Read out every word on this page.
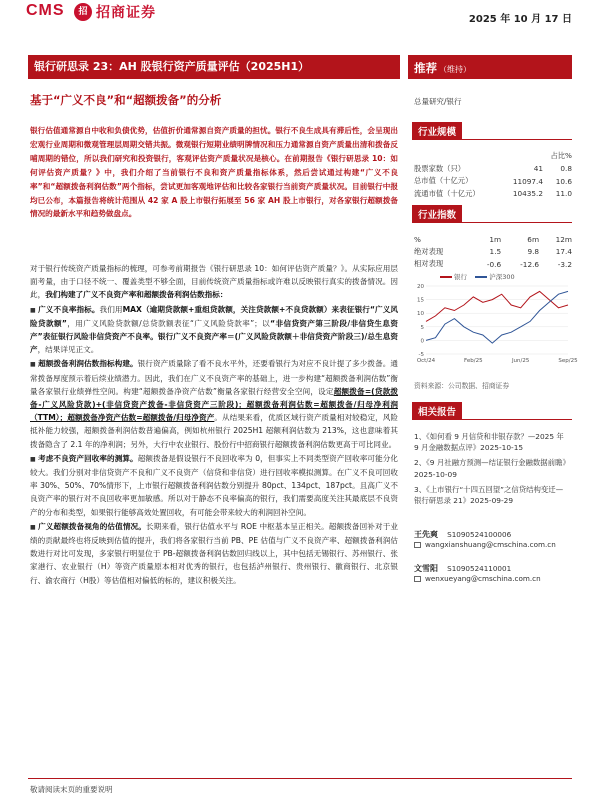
CMS	招 招商证券	2025 年 10 月 17 日
银行研思录 23：AH 股银行资产质量评估（2025H1）	推荐 （维持）
基于“广义不良”和“超额拨备”的分析	总量研究/银行
银行估值通常源自中收和负债优势，估值折价通常源自资产质量的担忧。银行不良生成具有滞后性，会呈现出宏观行业周期和微观管理层周期交错共振。微观银行短期业绩明牌情况和压力通常源自资产质量出清和拨备反哺周期的错位，所以我们研究和投资银行，客观评估资产质量状况是核心。在前期报告《银行研思录 10：如何评估资产质量？》中，我们介绍了当前银行不良和资产质量指标体系，然后尝试通过构建“广义不良率”和“超额拨备利润估数”两个指标，尝试更加客观地评估和比较各家银行当前资产质量状况。目前银行中报均已公布，本篇报告将统计范围从 42 家 A 股上市银行拓展至 56 家 AH 股上市银行，对各家银行超额拨备情况的最新水平和趋势做盘点。

对于银行传统资产质量指标的梳理，可参考前期报告《银行研思录 10：如何评估资产质量？》。从实际应用层面考量，由于口径不统一、覆盖类型不够全面，目前传统资产质量指标或许难以反映银行真实的拨备情况。因此，我们构建了广义不良资产率和超额拨备利润估数指标：

■ 广义不良率指标。我们用MAX（逾期贷款额+重组贷款额，关注贷款额+不良贷款额）来表征银行“广义风险贷款额”，用广义风险贷款额/总贷款额表征“广义风险贷款率”；以“非信贷资产第三阶段/非信贷生息资产”表征银行风险非信贷资产不良率。银行广义不良资产率＝(广义风险贷款额＋非信贷资产阶段三)/总生息资产，结果详见正文。

■ 超额拨备利润估数指标构建。银行资产质量除了看不良水平外，还要看银行为对应不良计提了多少拨备。通常拨备厚度预示着后续业绩潜力。因此，我们在广义不良资产率的基础上，进一步构建“超额拨备利润估数”衡量各家银行业绩弹性空间。构建“超额拨备净资产估数”衡量各家银行经营安全空间，设定超额拨备=(贷款拨备-广义风险贷款)+(非信贷资产拨备-非信贷资产三阶段)；超额拨备利润估数=超额拨备/归母净利润（TTM）；超额拨备净资产估数=超额拨备/归母净资产。从结果来看，优质区域行资产质量相对较稳定，风险抵补能力较强，超额拨备利润估数普遍偏高，例如杭州银行 2025H1 超额利润估数为 213%，这也意味着其拨备隐含了 2.1 年的净利润；另外，大行中农业银行、股份行中招商银行超额拨备利润估数更高于可比同业。

■ 考虑不良资产回收率的测算。超额拨备是假设银行不良回收率为 0，但事实上不同类型资产回收率可能分化较大。我们分别对非信贷资产不良和广义不良资产（信贷和非信贷）进行回收率模拟测算。在广义不良可回收率 30%、50%、70%情形下，上市银行超额拨备利润估数分别提升 80pct、134pct、187pct。且高广义不良资产率的银行对不良回收率更加敏感。所以对于静态不良率偏高的银行，我们需要高度关注其最底层不良资产的分布和类型，如果银行能够高效处置回收，有可能会带来较大的利润回补空间。

■ 广义超额拨备视角的估值情况。长期来看，银行估值水平与 ROE 中枢基本呈正相关。超额拨备回补对于业绩的贡献最终也将反映到估值的提升，我们将各家银行当前 PB、PE 估值与广义不良资产率、超额拨备利润估数进行对比可发现，多家银行明显位于 PB-超额拨备利润估数回归线以上，其中包括无锡银行、苏州银行、张家港行、农业银行（H）等资产质量原本相对优秀的银行，也包括泸州银行、贵州银行、徽商银行、北京银行、渝农商行（H股）等估值相对偏低的标的，建议积极关注。

行业规模
		占比%
股票家数（只）	41	0.8
总市值（十亿元）	11097.4	10.6
流通市值（十亿元）	10435.2	11.0
行业指数
%	1m	6m	12m
绝对表现	1.5	9.8	17.4
相对表现	-0.6	-12.6	-3.2
银行	沪深300
20
15
10
5
0
-5
Oct/24	Feb/25	Jun/25	Sep/25
资料来源：公司数据、招商证券
相关报告
1、《如何看 9 月信贷和非银存款？—2025 年 9 月金融数据点评》2025-10-15
2、《9 月社融方预测—结证银行金融数据前瞻》2025-10-09
3、《上市银行“十四五回望”之信贷结构变迁—银行研思录 21》2025-09-29
王先爽 S1090524100006
wangxianshuang@cmschina.com.cn
文雪阳 S1090524110001
wenxueyang@cmschina.com.cn
敬请阅读末页的重要说明
